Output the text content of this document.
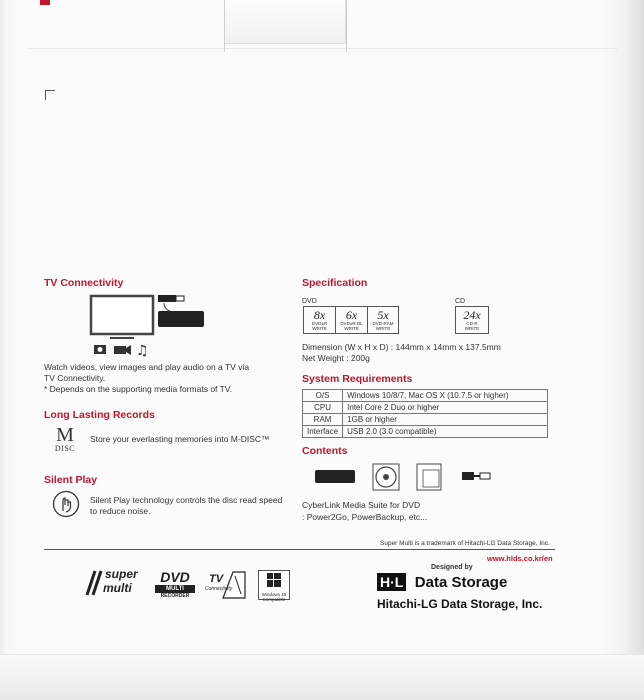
TV Connectivity
♫
Watch videos, view images and play audio on a TV via
TV Connectivity.
* Depends on the supporting media formats of TV.
Long Lasting Records
M
DISC
Store your everlasting memories into M-DISC™
Silent Play
Silent Play technology controls the disc read speed
to reduce noise.
Specification
DVD	CD
8x
DVD±R
WRITE
6x
DVD±R DL
WRITE
5x
DVD-RAM
WRITE
24x
CD-R
WRITE
Dimension (W x H x D) : 144mm x 14mm x 137.5mm
Net Weight : 200g
System Requirements
O/S	Windows 10/8/7, Mac OS X (10.7.5 or higher)
CPU	Intel Core 2 Duo or higher
RAM	1GB or higher
Interface	USB 2.0 (3.0 compatible)
Contents
CyberLink Media Suite for DVD
: Power2Go, PowerBackup, etc...
Super Multi is a trademark of Hitachi-LG Data Storage, Inc.
www.hlds.co.kr/en
Designed by
H·L Data Storage
Hitachi-LG Data Storage, Inc.
super
multi
DVD
MULTI
RECORDER
TV
Connectivity
Windows 10
Compatible
